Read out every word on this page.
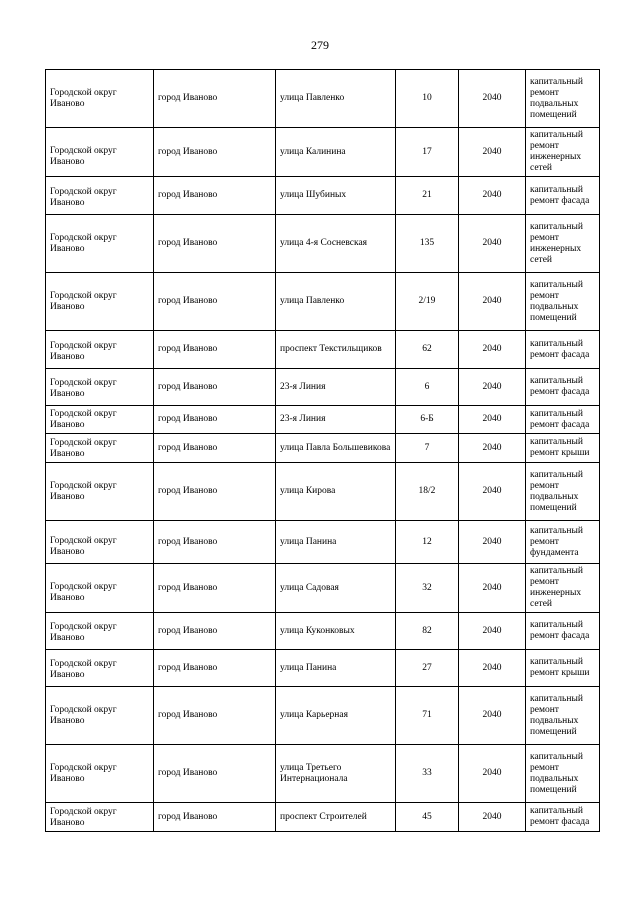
279
Городской округ Иваново	город Иваново	улица Павленко	10	2040	капитальный ремонт подвальных помещений
Городской округ Иваново	город Иваново	улица Калинина	17	2040	капитальный ремонт инженерных сетей
Городской округ Иваново	город Иваново	улица Шубиных	21	2040	капитальный ремонт фасада
Городской округ Иваново	город Иваново	улица 4-я Сосневская	135	2040	капитальный ремонт инженерных сетей
Городской округ Иваново	город Иваново	улица Павленко	2/19	2040	капитальный ремонт подвальных помещений
Городской округ Иваново	город Иваново	проспект Текстильщиков	62	2040	капитальный ремонт фасада
Городской округ Иваново	город Иваново	23-я Линия	6	2040	капитальный ремонт фасада
Городской округ Иваново	город Иваново	23-я Линия	6-Б	2040	капитальный ремонт фасада
Городской округ Иваново	город Иваново	улица Павла Большевикова	7	2040	капитальный ремонт крыши
Городской округ Иваново	город Иваново	улица Кирова	18/2	2040	капитальный ремонт подвальных помещений
Городской округ Иваново	город Иваново	улица Панина	12	2040	капитальный ремонт фундамента
Городской округ Иваново	город Иваново	улица Садовая	32	2040	капитальный ремонт инженерных сетей
Городской округ Иваново	город Иваново	улица Куконковых	82	2040	капитальный ремонт фасада
Городской округ Иваново	город Иваново	улица Панина	27	2040	капитальный ремонт крыши
Городской округ Иваново	город Иваново	улица Карьерная	71	2040	капитальный ремонт подвальных помещений
Городской округ Иваново	город Иваново	улица Третьего Интернационала	33	2040	капитальный ремонт подвальных помещений
Городской округ Иваново	город Иваново	проспект Строителей	45	2040	капитальный ремонт фасада
